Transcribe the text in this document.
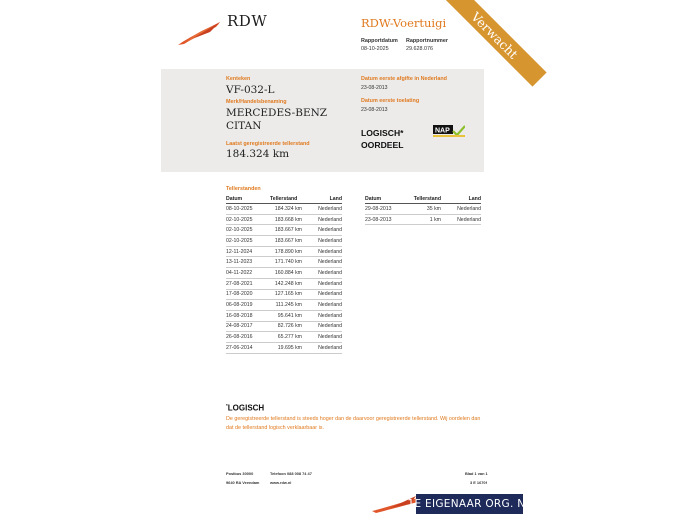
RDW	RDW-Voertuigi
Rapportdatum
08-10-2025
Rapportnummer
29.628.076
Kenteken
VF-032-L
Merk/Handelsbenaming
MERCEDES-BENZ
CITAN
Laatst geregistreerde tellerstand
184.324 km
Datum eerste afgifte in Nederland
23-08-2013
Datum eerste toelating
23-08-2013
LOGISCH*
OORDEEL
NAP
Verwacht
Tellerstanden
Datum	Tellerstand	Land
08-10-2025	184.324 km	Nederland
02-10-2025	183.668 km	Nederland
02-10-2025	183.667 km	Nederland
02-10-2025	183.667 km	Nederland
12-11-2024	178.890 km	Nederland
13-11-2023	171.740 km	Nederland
04-11-2022	160.884 km	Nederland
27-08-2021	142.248 km	Nederland
17-08-2020	127.165 km	Nederland
06-08-2019	111.245 km	Nederland
16-08-2018	95.641 km	Nederland
24-08-2017	82.726 km	Nederland
26-08-2016	65.277 km	Nederland
27-06-2014	19.695 km	Nederland
Datum	Tellerstand	Land
29-08-2013	35 km	Nederland
23-08-2013	1 km	Nederland
*LOGISCH
De geregistreerde tellerstand is steeds hoger dan de daarvoor geregistreerde tellerstand. Wij oordelen dan dat de tellerstand logisch verklaarbaar is.
Postbus 30000
9640 RA Veendam
Telefoon 088 008 74 47
www.rdw.nl
Blad 1 van 1
3 E 1670f
1E EIGENAAR ORG. NL
